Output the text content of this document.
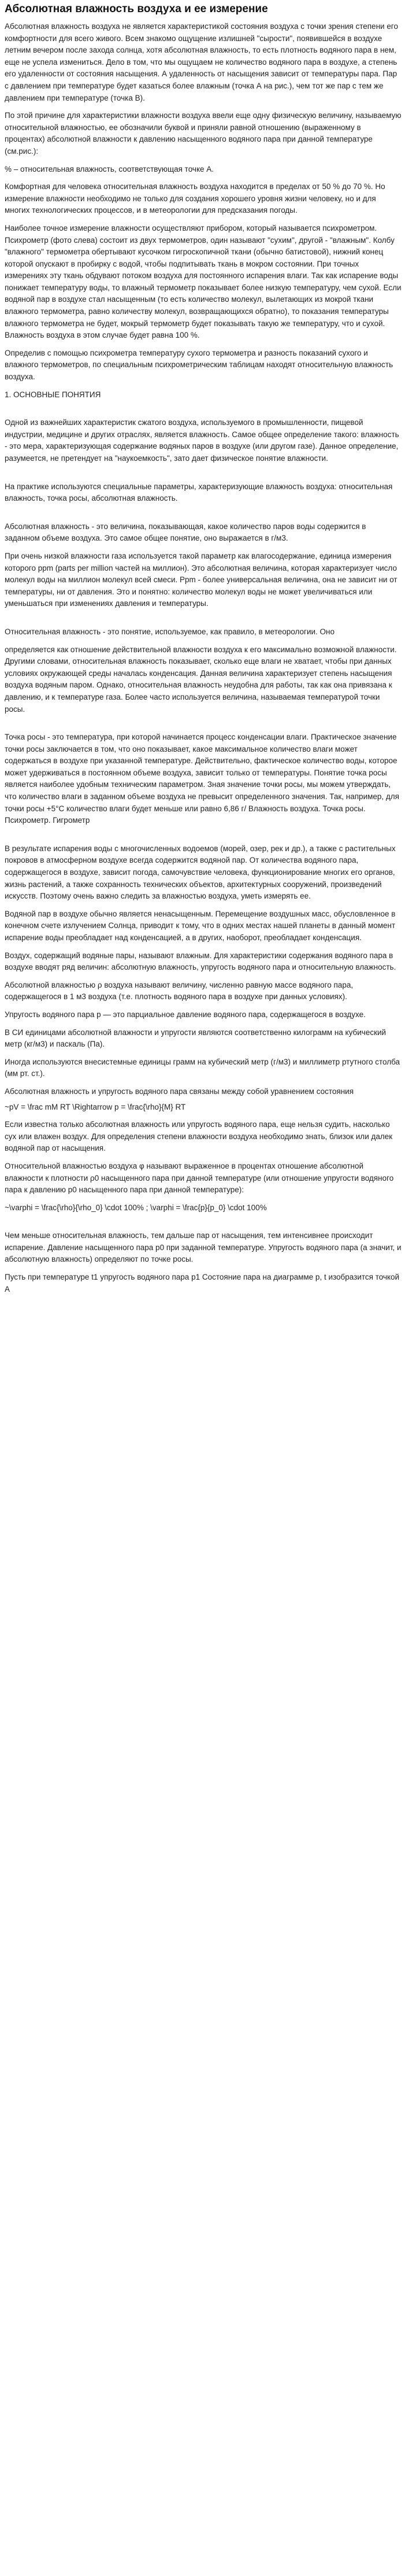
Абсолютная влажность воздуха и ее измерение

Абсолютная влажность воздуха не является характеристикой состояния воздуха с точки зрения степени его комфортности для всего живого. Всем знакомо ощущение излишней "сырости", появившейся в воздухе летним вечером после захода солнца, хотя абсолютная влажность, то есть плотность водяного пара в нем, еще не успела измениться. Дело в том, что мы ощущаем не количество водяного пара в воздухе, а степень его удаленности от состояния насыщения. А удаленность от насыщения зависит от температуры пара. Пар с давлением при температуре будет казаться более влажным (точка А на рис.), чем тот же пар с тем же давлением при температуре (точка B).

По этой причине для характеристики влажности воздуха ввели еще одну физическую величину, называемую относительной влажностью, ее обозначили буквой и приняли равной отношению (выраженному в процентах) абсолютной влажности к давлению насыщенного водяного пара при данной температуре (см.рис.):

% – относительная влажность, соответствующая точке А.

Комфортная для человека относительная влажность воздуха находится в пределах от 50 % до 70 %. Но измерение влажности необходимо не только для создания хорошего уровня жизни человеку, но и для многих технологических процессов, и в метеорологии для предсказания погоды.

Наиболее точное измерение влажности осуществляют прибором, который называется психрометром. Психрометр (фото слева) состоит из двух термометров, один называют "сухим", другой - "влажным". Колбу "влажного" термометра обертывают кусочком гигроскопичной ткани (обычно батистовой), нижний конец которой опускают в пробирку с водой, чтобы подпитывать ткань в мокром состоянии. При точных измерениях эту ткань обдувают потоком воздуха для постоянного испарения влаги. Так как испарение воды понижает температуру воды, то влажный термометр показывает более низкую температуру, чем сухой. Если водяной пар в воздухе стал насыщенным (то есть количество молекул, вылетающих из мокрой ткани влажного термометра, равно количеству молекул, возвращающихся обратно), то показания температуры влажного термометра не будет, мокрый термометр будет показывать такую же температуру, что и сухой. Влажность воздуха в этом случае будет равна 100 %.

Определив с помощью психрометра температуру сухого термометра и разность показаний сухого и влажного термометров, по специальным психрометрическим таблицам находят относительную влажность воздуха.

1. ОСНОВНЫЕ ПОНЯТИЯ

Одной из важнейших характеристик сжатого воздуха, используемого в промышленности, пищевой индустрии, медицине и других отраслях, является влажность. Самое общее определение такого: влажность - это мера, характеризующая содержание водяных паров в воздухе (или другом газе). Данное определение, разумеется, не претендует на "наукоемкость", зато дает физическое понятие влажности.

На практике используются специальные параметры, характеризующие влажность воздуха: относительная влажность, точка росы, абсолютная влажность.

Абсолютная влажность - это величина, показывающая, какое количество паров воды содержится в заданном объеме воздуха. Это самое общее понятие, оно выражается в г/м3.

При очень низкой влажности газа используется такой параметр как влагосодержание, единица измерения которого ppm (parts per million частей на миллион). Это абсолютная величина, которая характеризует число молекул воды на миллион молекул всей смеси. Ppm - более универсальная величина, она не зависит ни от температуры, ни от давления. Это и понятно: количество молекул воды не может увеличиваться или уменьшаться при изменениях давления и температуры.

Относительная влажность - это понятие, используемое, как правило, в метеорологии. Оно

определяется как отношение действительной влажности воздуха к его максимально возможной влажности. Другими словами, относительная влажность показывает, сколько еще влаги не хватает, чтобы при данных условиях окружающей среды началась конденсация. Данная величина характеризует степень насыщения воздуха водяным паром. Однако, относительная влажность неудобна для работы, так как она привязана к давлению, и к температуре газа. Более часто используется величина, называемая температурой точки росы.

Точка росы - это температура, при которой начинается процесс конденсации влаги. Практическое значение точки росы заключается в том, что оно показывает, какое максимальное количество влаги может содержаться в воздухе при указанной температуре. Действительно, фактическое количество воды, которое может удерживаться в постоянном объеме воздуха, зависит только от температуры. Понятие точка росы является наиболее удобным техническим параметром. Зная значение точки росы, мы можем утверждать, что количество влаги в заданном объеме воздуха не превысит определенного значения. Так, например, для точки росы +5°С количество влаги будет меньше или равно 6,86 г/ Влажность воздуха. Точка росы. Психрометр. Гигрометр

В результате испарения воды с многочисленных водоемов (морей, озер, рек и др.), а также с растительных покровов в атмосферном воздухе всегда содержится водяной пар. От количества водяного пара, содержащегося в воздухе, зависит погода, самочувствие человека, функционирование многих его органов, жизнь растений, а также сохранность технических объектов, архитектурных сооружений, произведений искусств. Поэтому очень важно следить за влажностью воздуха, уметь измерять ее.

Водяной пар в воздухе обычно является ненасыщенным. Перемещение воздушных масс, обусловленное в конечном счете излучением Солнца, приводит к тому, что в одних местах нашей планеты в данный момент испарение воды преобладает над конденсацией, а в других, наоборот, преобладает конденсация.

Воздух, содержащий водяные пары, называют влажным. Для характеристики содержания водяного пара в воздухе вводят ряд величин: абсолютную влажность, упругость водяного пара и относительную влажность.

Абсолютной влажностью ρ воздуха называют величину, численно равную массе водяного пара, содержащегося в 1 м3 воздуха (т.е. плотность водяного пара в воздухе при данных условиях).

Упругость водяного пара p — это парциальное давление водяного пара, содержащегося в воздухе.

В СИ единицами абсолютной влажности и упругости являются соответственно килограмм на кубический метр (кг/м3) и паскаль (Па).

Иногда используются внесистемные единицы грамм на кубический метр (г/м3) и миллиметр ртутного столба (мм рт. ст.).

Абсолютная влажность и упругость водяного пара связаны между собой уравнением состояния

~pV = \frac mM RT \Rightarrow p = \frac{\rho}{M} RT

Если известна только абсолютная влажность или упругость водяного пара, еще нельзя судить, насколько сух или влажен воздух. Для определения степени влажности воздуха необходимо знать, близок или далек водяной пар от насыщения.

Относительной влажностью воздуха φ называют выраженное в процентах отношение абсолютной влажности к плотности ρ0 насыщенного пара при данной температуре (или отношение упругости водяного пара к давлению p0 насыщенного пара при данной температуре):

~\varphi = \frac{\rho}{\rho_0} \cdot 100% ; \varphi = \frac{p}{p_0} \cdot 100%

Чем меньше относительная влажность, тем дальше пар от насыщения, тем интенсивнее происходит испарение. Давление насыщенного пара p0 при заданной температуре. Упругость водяного пара (а значит, и абсолютную влажность) определяют по точке росы.

Пусть при температуре t1 упругость водяного пара p1 Состояние пара на диаграмме p, t изобразится точкой А
